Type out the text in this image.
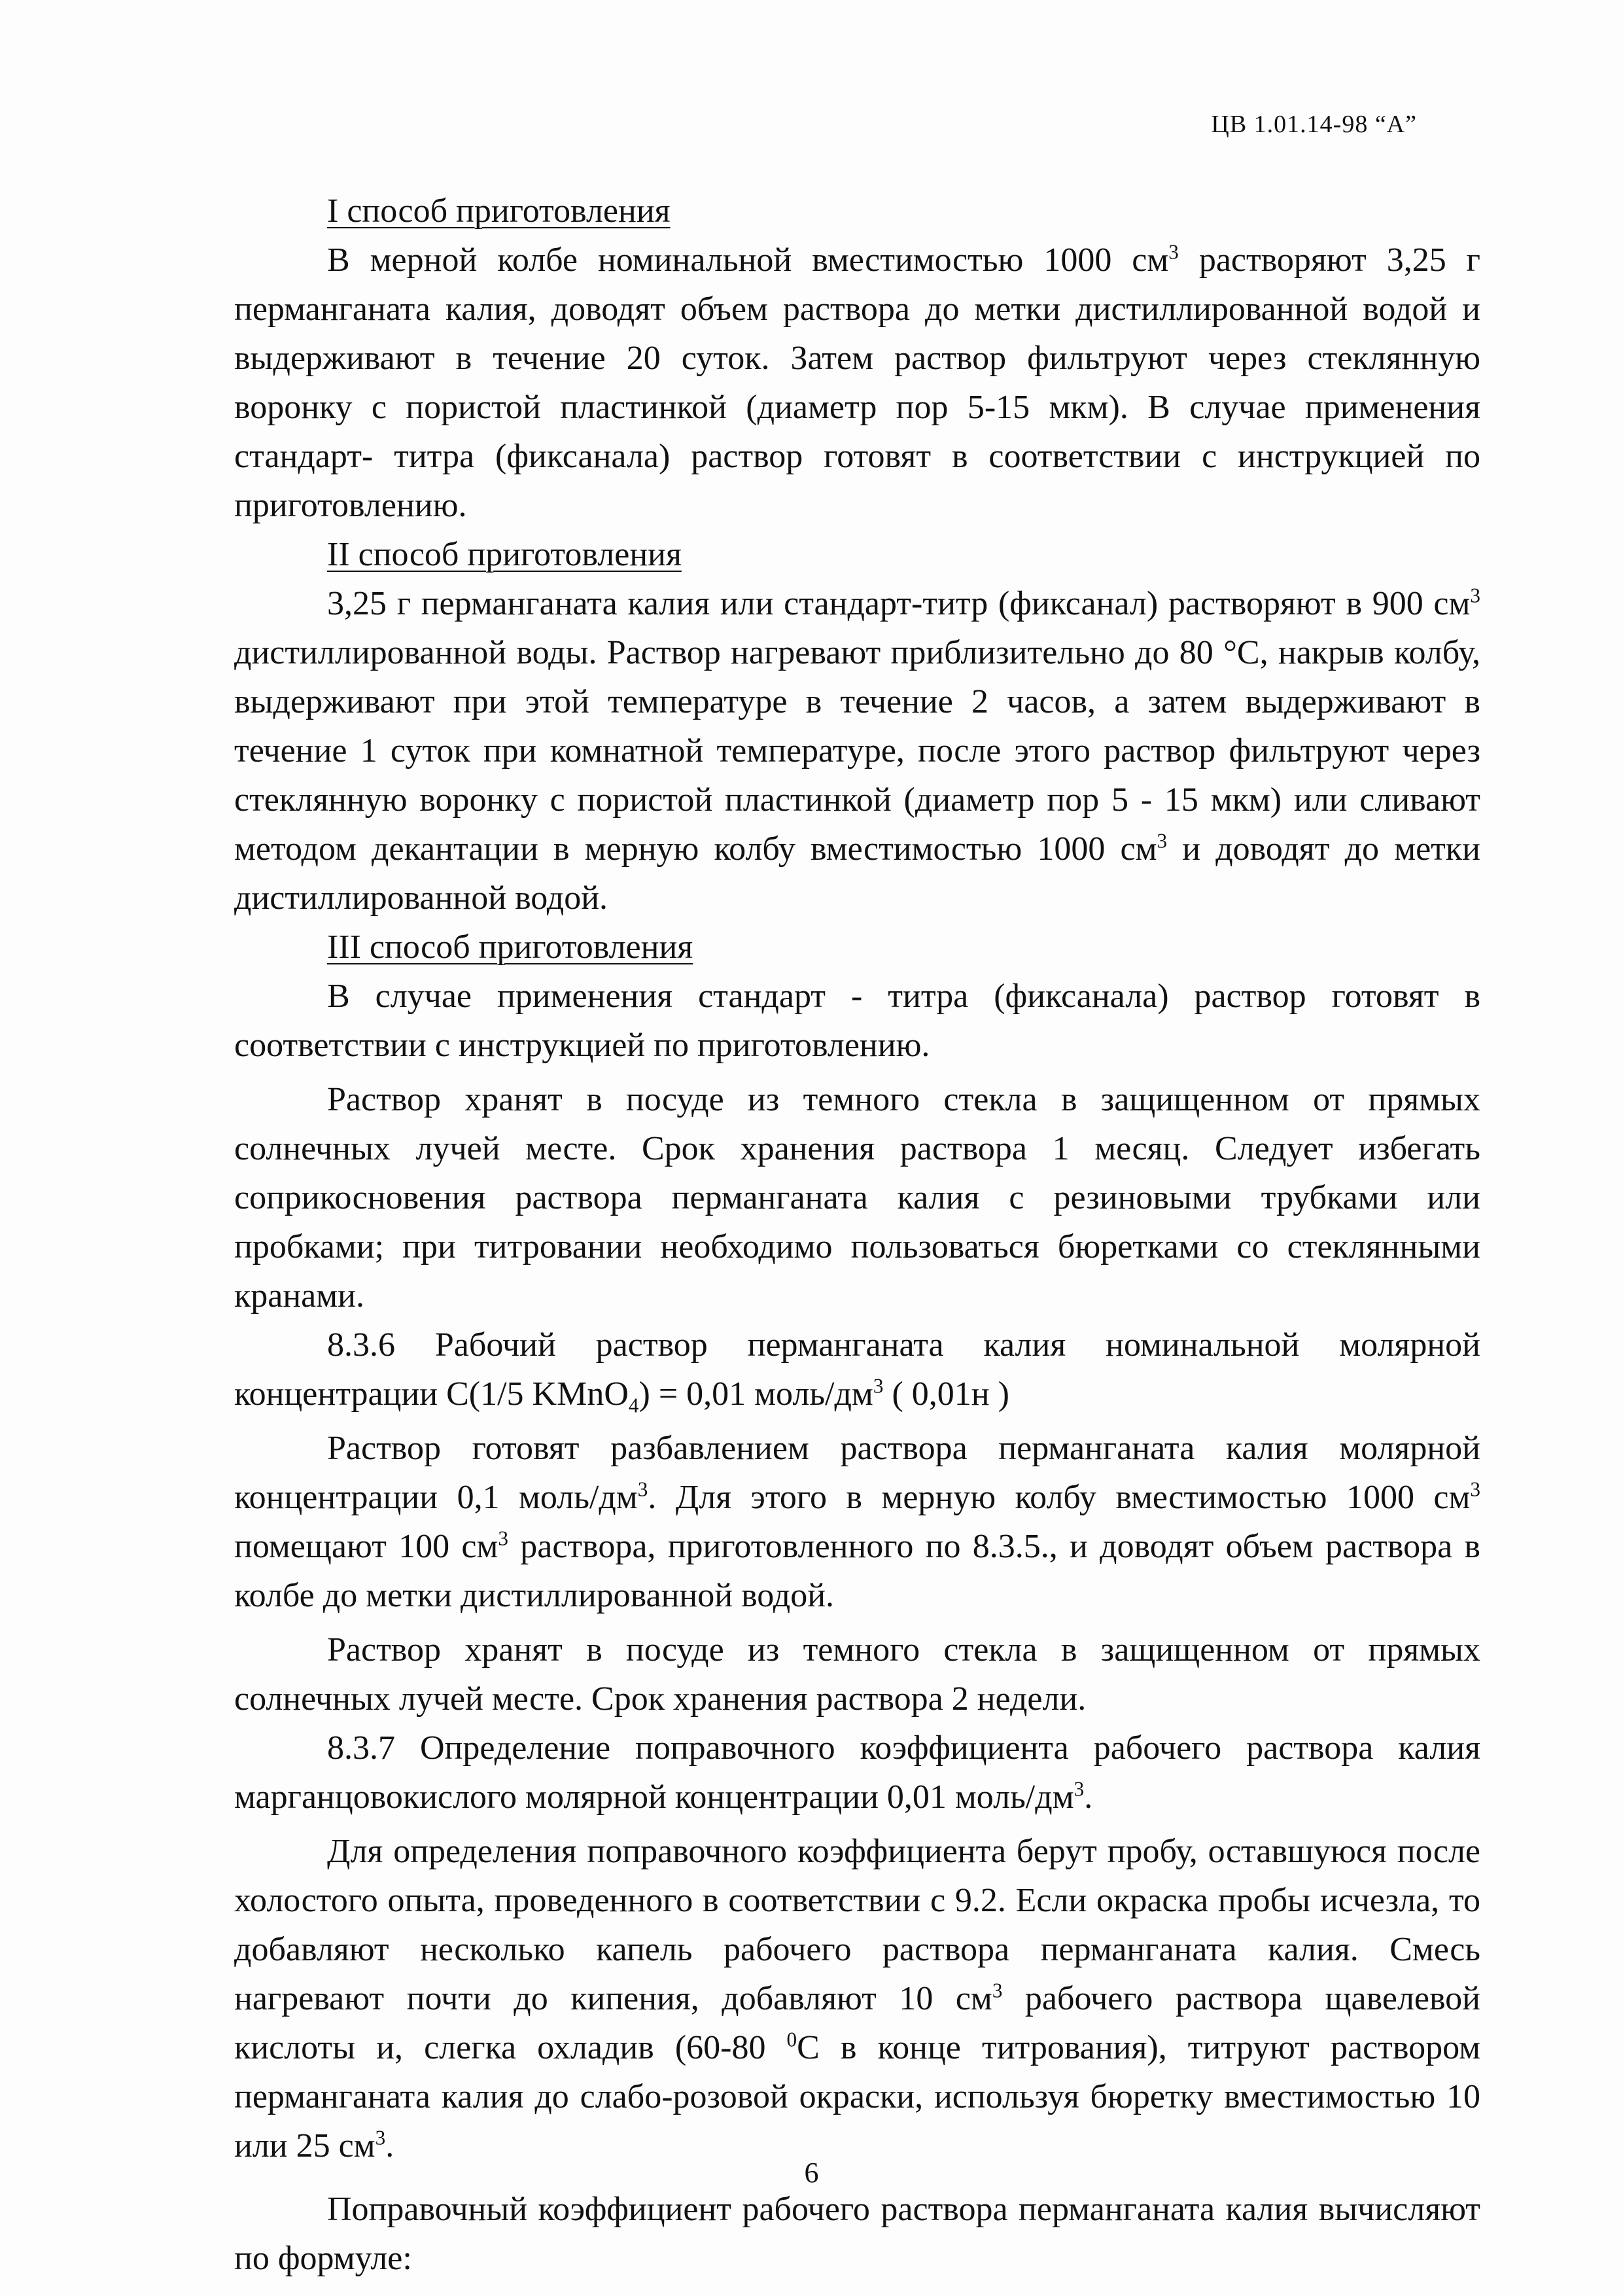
ЦВ 1.01.14-98 “А”

I способ приготовления

В мерной колбе номинальной вместимостью 1000 $см^3$ растворяют 3,25 г перманганата калия, доводят объем раствора до метки дистиллированной водой и выдерживают в течение 20 суток. Затем раствор фильтруют через стеклянную воронку с пористой пластинкой (диаметр пор 5-15 мкм). В случае применения стандарт- титра (фиксанала) раствор готовят в соответствии с инструкцией по приготовлению.

II способ приготовления

3,25 г перманганата калия или стандарт-титр (фиксанал) растворяют в 900 $см^3$ дистиллированной воды. Раствор нагревают приблизительно до 80 °С, накрыв колбу, выдерживают при этой температуре в течение 2 часов, а затем выдерживают в течение 1 суток при комнатной температуре, после этого раствор фильтруют через стеклянную воронку с пористой пластинкой (диаметр пор 5 - 15 мкм) или сливают методом декантации в мерную колбу вместимостью 1000 $см^3$ и доводят до метки дистиллированной водой.

III способ приготовления

В случае применения стандарт - титра (фиксанала) раствор готовят в соответствии с инструкцией по приготовлению.

Раствор хранят в посуде из темного стекла в защищенном от прямых солнечных лучей месте. Срок хранения раствора 1 месяц. Следует избегать соприкосновения раствора перманганата калия с резиновыми трубками или пробками; при титровании необходимо пользоваться бюретками со стеклянными кранами.

8.3.6 Рабочий раствор перманганата калия номинальной молярной концентрации С(1/5 KMnO$_4$) = 0,01 моль/$дм^3$ ( 0,01н )

Раствор готовят разбавлением раствора перманганата калия молярной концентрации 0,1 моль/$дм^3$. Для этого в мерную колбу вместимостью 1000 $см^3$ помещают 100 $см^3$ раствора, приготовленного по 8.3.5., и доводят объем раствора в колбе до метки дистиллированной водой.

Раствор хранят в посуде из темного стекла в защищенном от прямых солнечных лучей месте. Срок хранения раствора 2 недели.

8.3.7 Определение поправочного коэффициента рабочего раствора калия марганцовокислого молярной концентрации 0,01 моль/$дм^3$.

Для определения поправочного коэффициента берут пробу, оставшуюся после холостого опыта, проведенного в соответствии с 9.2. Если окраска пробы исчезла, то добавляют несколько капель рабочего раствора перманганата калия. Смесь нагревают почти до кипения, добавляют 10 $см^3$ рабочего раствора щавелевой кислоты и, слегка охладив (60-80 $^0$С в конце титрования), титруют раствором перманганата калия до слабо-розовой окраски, используя бюретку вместимостью 10 или 25 $см^3$.

Поправочный коэффициент рабочего раствора перманганата калия вычисляют по формуле:

6
